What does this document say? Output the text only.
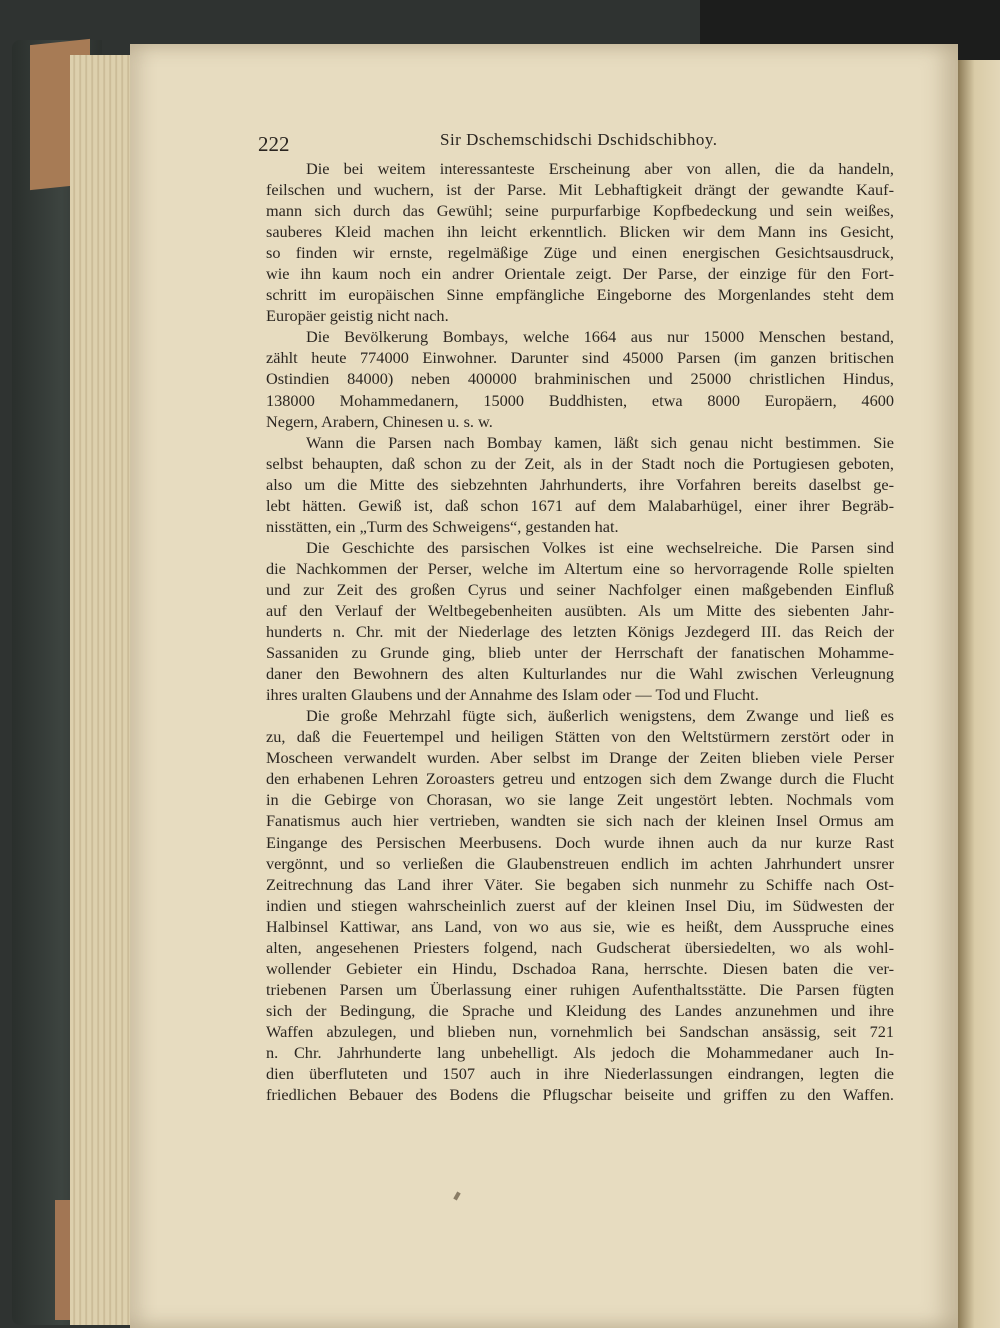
222	Sir Dschemschidschi Dschidschibhoy.
Die bei weitem interessanteste Erscheinung aber von allen, die da handeln,
feilschen und wuchern, ist der Parse. Mit Lebhaftigkeit drängt der gewandte Kauf-
mann sich durch das Gewühl; seine purpurfarbige Kopfbedeckung und sein weißes,
sauberes Kleid machen ihn leicht erkenntlich. Blicken wir dem Mann ins Gesicht,
so finden wir ernste, regelmäßige Züge und einen energischen Gesichtsausdruck,
wie ihn kaum noch ein andrer Orientale zeigt. Der Parse, der einzige für den Fort-
schritt im europäischen Sinne empfängliche Eingeborne des Morgenlandes steht dem
Europäer geistig nicht nach.
Die Bevölkerung Bombays, welche 1664 aus nur 15000 Menschen bestand,
zählt heute 774000 Einwohner. Darunter sind 45000 Parsen (im ganzen britischen
Ostindien 84000) neben 400000 brahminischen und 25000 christlichen Hindus,
138000 Mohammedanern, 15000 Buddhisten, etwa 8000 Europäern, 4600
Negern, Arabern, Chinesen u. s. w.
Wann die Parsen nach Bombay kamen, läßt sich genau nicht bestimmen. Sie
selbst behaupten, daß schon zu der Zeit, als in der Stadt noch die Portugiesen geboten,
also um die Mitte des siebzehnten Jahrhunderts, ihre Vorfahren bereits daselbst ge-
lebt hätten. Gewiß ist, daß schon 1671 auf dem Malabarhügel, einer ihrer Begräb-
nisstätten, ein „Turm des Schweigens“, gestanden hat.
Die Geschichte des parsischen Volkes ist eine wechselreiche. Die Parsen sind
die Nachkommen der Perser, welche im Altertum eine so hervorragende Rolle spielten
und zur Zeit des großen Cyrus und seiner Nachfolger einen maßgebenden Einfluß
auf den Verlauf der Weltbegebenheiten ausübten. Als um Mitte des siebenten Jahr-
hunderts n. Chr. mit der Niederlage des letzten Königs Jezdegerd III. das Reich der
Sassaniden zu Grunde ging, blieb unter der Herrschaft der fanatischen Mohamme-
daner den Bewohnern des alten Kulturlandes nur die Wahl zwischen Verleugnung
ihres uralten Glaubens und der Annahme des Islam oder — Tod und Flucht.
Die große Mehrzahl fügte sich, äußerlich wenigstens, dem Zwange und ließ es
zu, daß die Feuertempel und heiligen Stätten von den Weltstürmern zerstört oder in
Moscheen verwandelt wurden. Aber selbst im Drange der Zeiten blieben viele Perser
den erhabenen Lehren Zoroasters getreu und entzogen sich dem Zwange durch die Flucht
in die Gebirge von Chorasan, wo sie lange Zeit ungestört lebten. Nochmals vom
Fanatismus auch hier vertrieben, wandten sie sich nach der kleinen Insel Ormus am
Eingange des Persischen Meerbusens. Doch wurde ihnen auch da nur kurze Rast
vergönnt, und so verließen die Glaubenstreuen endlich im achten Jahrhundert unsrer
Zeitrechnung das Land ihrer Väter. Sie begaben sich nunmehr zu Schiffe nach Ost-
indien und stiegen wahrscheinlich zuerst auf der kleinen Insel Diu, im Südwesten der
Halbinsel Kattiwar, ans Land, von wo aus sie, wie es heißt, dem Ausspruche eines
alten, angesehenen Priesters folgend, nach Gudscherat übersiedelten, wo als wohl-
wollender Gebieter ein Hindu, Dschadoa Rana, herrschte. Diesen baten die ver-
triebenen Parsen um Überlassung einer ruhigen Aufenthaltsstätte. Die Parsen fügten
sich der Bedingung, die Sprache und Kleidung des Landes anzunehmen und ihre
Waffen abzulegen, und blieben nun, vornehmlich bei Sandschan ansässig, seit 721
n. Chr. Jahrhunderte lang unbehelligt. Als jedoch die Mohammedaner auch In-
dien überfluteten und 1507 auch in ihre Niederlassungen eindrangen, legten die
friedlichen Bebauer des Bodens die Pflugschar beiseite und griffen zu den Waffen.
